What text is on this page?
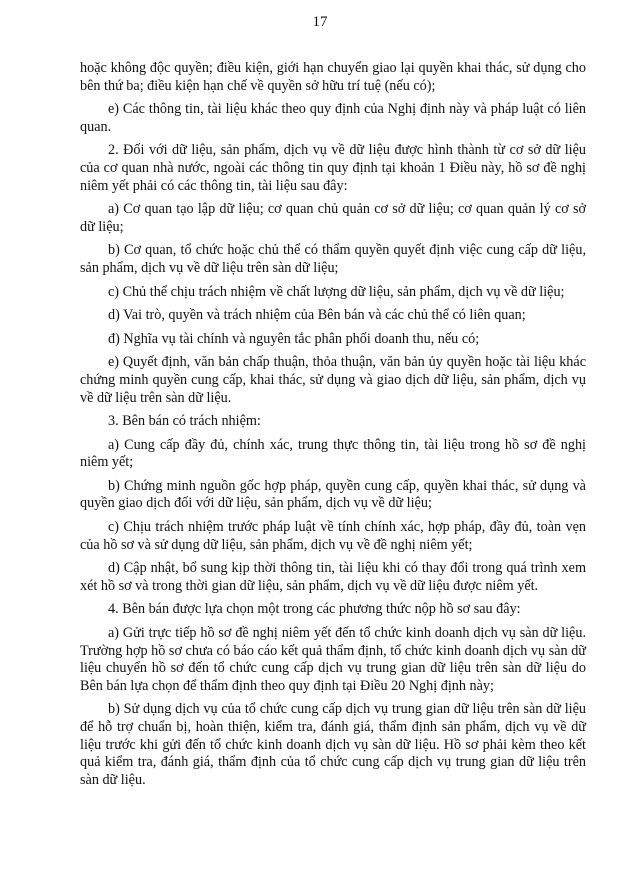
17

hoặc không độc quyền; điều kiện, giới hạn chuyển giao lại quyền khai thác, sử dụng cho bên thứ ba; điều kiện hạn chế về quyền sở hữu trí tuệ (nếu có);

e) Các thông tin, tài liệu khác theo quy định của Nghị định này và pháp luật có liên quan.

2. Đối với dữ liệu, sản phẩm, dịch vụ về dữ liệu được hình thành từ cơ sở dữ liệu của cơ quan nhà nước, ngoài các thông tin quy định tại khoản 1 Điều này, hồ sơ đề nghị niêm yết phải có các thông tin, tài liệu sau đây:

a) Cơ quan tạo lập dữ liệu; cơ quan chủ quản cơ sở dữ liệu; cơ quan quản lý cơ sở dữ liệu;

b) Cơ quan, tổ chức hoặc chủ thể có thẩm quyền quyết định việc cung cấp dữ liệu, sản phẩm, dịch vụ về dữ liệu trên sàn dữ liệu;

c) Chủ thể chịu trách nhiệm về chất lượng dữ liệu, sản phẩm, dịch vụ về dữ liệu;

d) Vai trò, quyền và trách nhiệm của Bên bán và các chủ thể có liên quan;

đ) Nghĩa vụ tài chính và nguyên tắc phân phối doanh thu, nếu có;

e) Quyết định, văn bản chấp thuận, thỏa thuận, văn bản ủy quyền hoặc tài liệu khác chứng minh quyền cung cấp, khai thác, sử dụng và giao dịch dữ liệu, sản phẩm, dịch vụ về dữ liệu trên sàn dữ liệu.

3. Bên bán có trách nhiệm:

a) Cung cấp đầy đủ, chính xác, trung thực thông tin, tài liệu trong hồ sơ đề nghị niêm yết;

b) Chứng minh nguồn gốc hợp pháp, quyền cung cấp, quyền khai thác, sử dụng và quyền giao dịch đối với dữ liệu, sản phẩm, dịch vụ về dữ liệu;

c) Chịu trách nhiệm trước pháp luật về tính chính xác, hợp pháp, đầy đủ, toàn vẹn của hồ sơ và sử dụng dữ liệu, sản phẩm, dịch vụ về đề nghị niêm yết;

d) Cập nhật, bổ sung kịp thời thông tin, tài liệu khi có thay đổi trong quá trình xem xét hồ sơ và trong thời gian dữ liệu, sản phẩm, dịch vụ về dữ liệu được niêm yết.

4. Bên bán được lựa chọn một trong các phương thức nộp hồ sơ sau đây:

a) Gửi trực tiếp hồ sơ đề nghị niêm yết đến tổ chức kinh doanh dịch vụ sàn dữ liệu. Trường hợp hồ sơ chưa có báo cáo kết quả thẩm định, tổ chức kinh doanh dịch vụ sàn dữ liệu chuyển hồ sơ đến tổ chức cung cấp dịch vụ trung gian dữ liệu trên sàn dữ liệu do Bên bán lựa chọn để thẩm định theo quy định tại Điều 20 Nghị định này;

b) Sử dụng dịch vụ của tổ chức cung cấp dịch vụ trung gian dữ liệu trên sàn dữ liệu để hỗ trợ chuẩn bị, hoàn thiện, kiểm tra, đánh giá, thẩm định sản phẩm, dịch vụ về dữ liệu trước khi gửi đến tổ chức kinh doanh dịch vụ sàn dữ liệu. Hồ sơ phải kèm theo kết quả kiểm tra, đánh giá, thẩm định của tổ chức cung cấp dịch vụ trung gian dữ liệu trên sàn dữ liệu.
